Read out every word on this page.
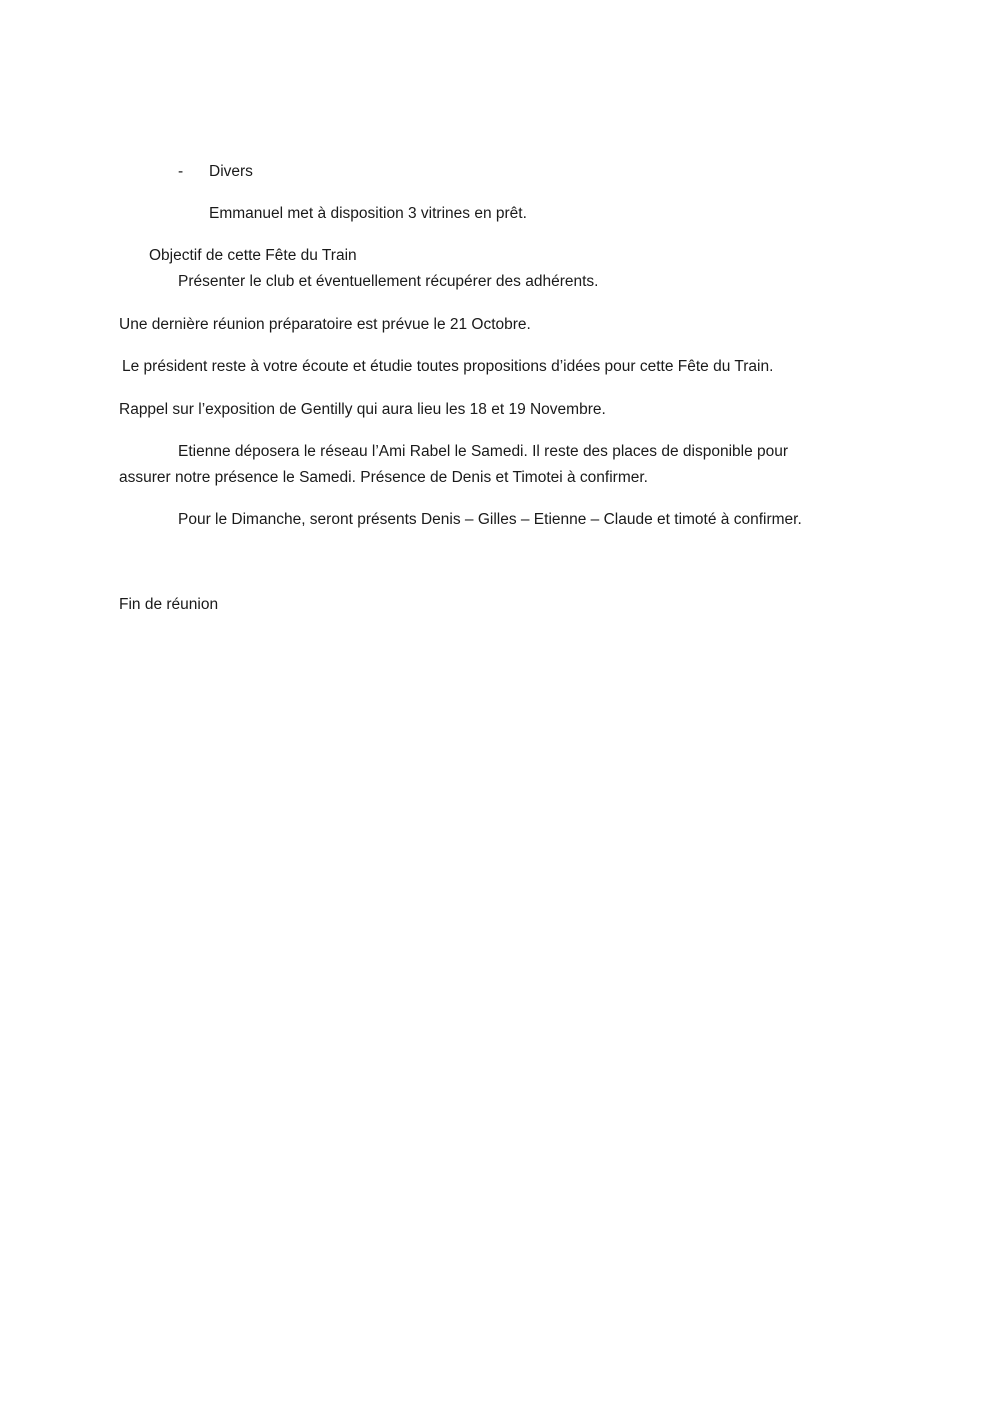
- Divers
Emmanuel met à disposition 3 vitrines en prêt.
Objectif de cette Fête du Train
Présenter le club et éventuellement récupérer des adhérents.
Une dernière réunion préparatoire est prévue le 21 Octobre.
Le président reste à votre écoute et étudie toutes propositions d’idées pour cette Fête du Train.
Rappel sur l’exposition de Gentilly qui aura lieu les 18 et 19 Novembre.
Etienne déposera le réseau l’Ami Rabel le Samedi. Il reste des places de disponible pour
assurer notre présence le Samedi. Présence de Denis et Timotei à confirmer.
Pour le Dimanche, seront présents Denis – Gilles – Etienne – Claude et timoté à confirmer.
Fin de réunion
